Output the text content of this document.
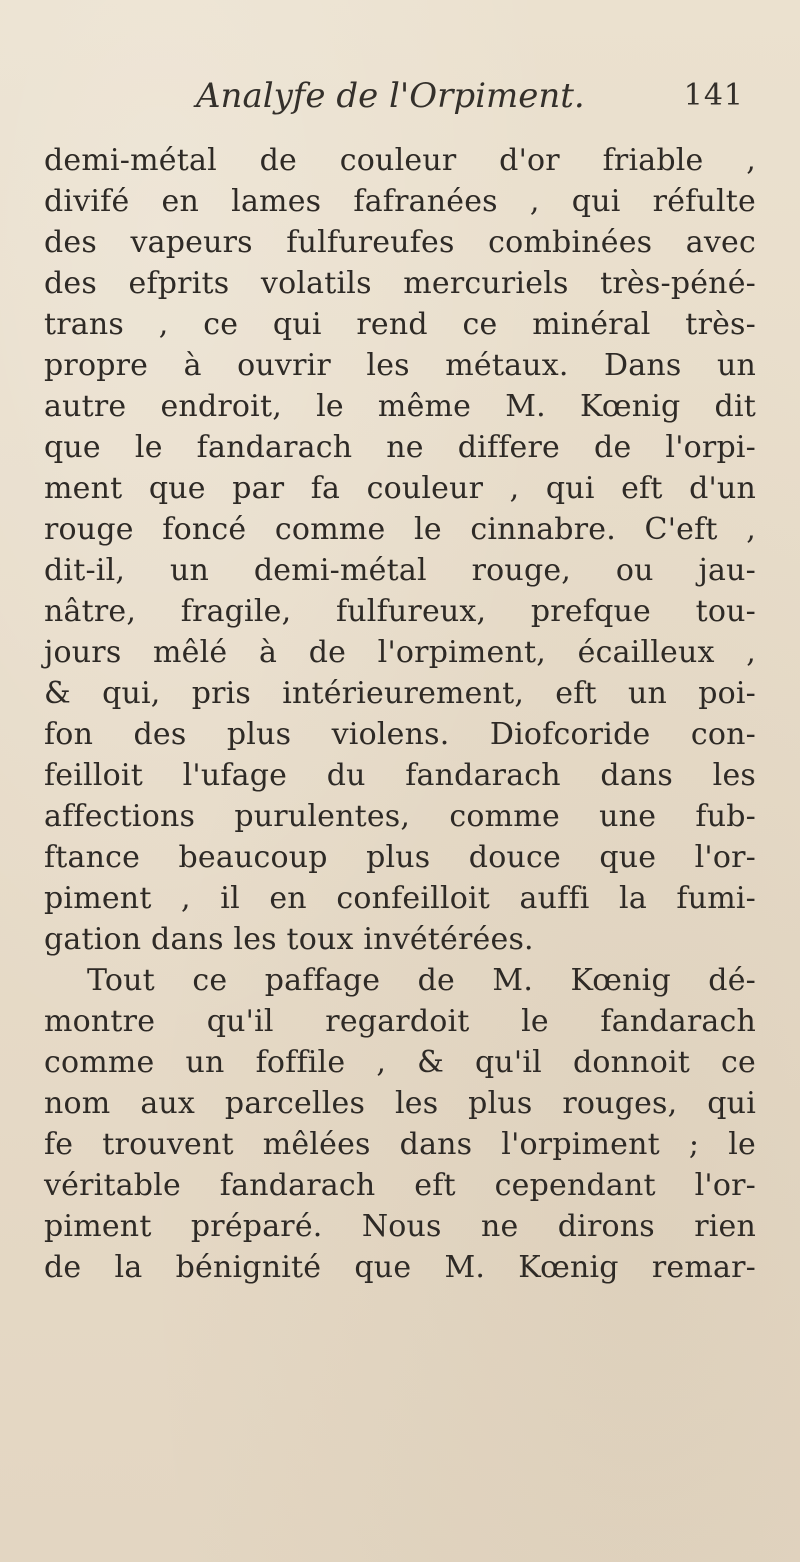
Analyfe de l'Orpiment.	141
demi-métal de couleur d'or friable ,
divifé en lames fafranées , qui réfulte
des vapeurs fulfureufes combinées avec
des efprits volatils mercuriels très-péné-
trans , ce qui rend ce minéral très-
propre à ouvrir les métaux. Dans un
autre endroit, le même M. Kœnig dit
que le fandarach ne differe de l'orpi-
ment que par fa couleur , qui eft d'un
rouge foncé comme le cinnabre. C'eft ,
dit-il, un demi-métal rouge, ou jau-
nâtre, fragile, fulfureux, prefque tou-
jours mêlé à de l'orpiment, écailleux ,
& qui, pris intérieurement, eft un poi-
fon des plus violens. Diofcoride con-
feilloit l'ufage du fandarach dans les
affections purulentes, comme une fub-
ftance beaucoup plus douce que l'or-
piment , il en confeilloit auffi la fumi-
gation dans les toux invétérées.
Tout ce paffage de M. Kœnig dé-
montre qu'il regardoit le fandarach
comme un foffile , & qu'il donnoit ce
nom aux parcelles les plus rouges, qui
fe trouvent mêlées dans l'orpiment ; le
véritable fandarach eft cependant l'or-
piment préparé. Nous ne dirons rien
de la bénignité que M. Kœnig remar-
